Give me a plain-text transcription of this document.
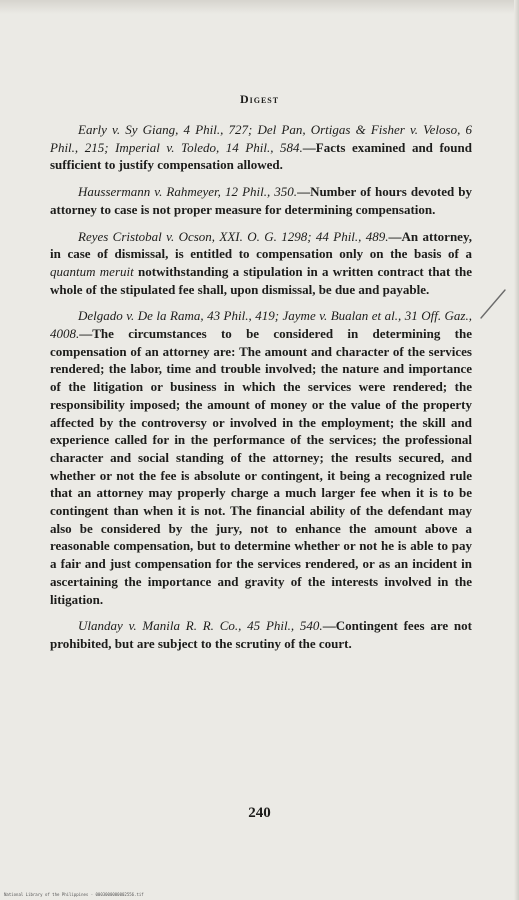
Digest

Early v. Sy Giang, 4 Phil., 727; Del Pan, Ortigas & Fisher v. Veloso, 6 Phil., 215; Imperial v. Toledo, 14 Phil., 584.—Facts examined and found sufficient to justify compensation allowed.

Haussermann v. Rahmeyer, 12 Phil., 350.—Number of hours devoted by attorney to case is not proper measure for determining compensation.

Reyes Cristobal v. Ocson, XXI. O. G. 1298; 44 Phil., 489.—An attorney, in case of dismissal, is entitled to compensation only on the basis of a quantum meruit notwithstanding a stipulation in a written contract that the whole of the stipulated fee shall, upon dismissal, be due and payable.

Delgado v. De la Rama, 43 Phil., 419; Jayme v. Bualan et al., 31 Off. Gaz., 4008.—The circumstances to be considered in determining the compensation of an attorney are: The amount and character of the services rendered; the labor, time and trouble involved; the nature and importance of the litigation or business in which the services were rendered; the responsibility imposed; the amount of money or the value of the property affected by the controversy or involved in the employment; the skill and experience called for in the performance of the services; the professional character and social standing of the attorney; the results secured, and whether or not the fee is absolute or contingent, it being a recognized rule that an attorney may properly charge a much larger fee when it is to be contingent than when it is not. The financial ability of the defendant may also be considered by the jury, not to enhance the amount above a reasonable compensation, but to determine whether or not he is able to pay a fair and just compensation for the services rendered, or as an incident in ascertaining the importance and gravity of the interests involved in the litigation.

Ulanday v. Manila R. R. Co., 45 Phil., 540.—Contingent fees are not prohibited, but are subject to the scrutiny of the court.

240
National Library of the Philippines · 0003000000002556.tif
